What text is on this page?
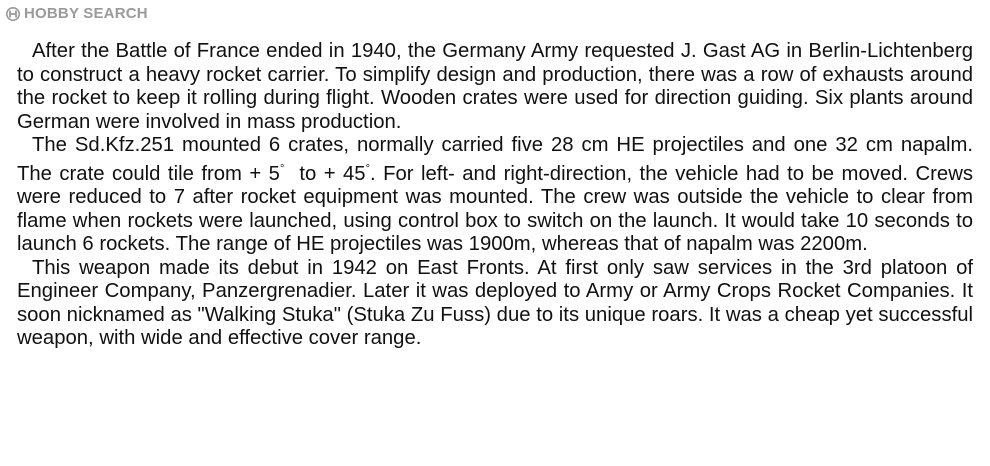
HOBBY SEARCH

After the Battle of France ended in 1940, the Germany Army requested J. Gast AG in Berlin-Lichtenberg to construct a heavy rocket carrier. To simplify design and production, there was a row of exhausts around the rocket to keep it rolling during flight. Wooden crates were used for direction guiding. Six plants around German were involved in mass production.

The Sd.Kfz.251 mounted 6 crates, normally carried five 28 cm HE projectiles and one 32 cm napalm. The crate could tile from + 5° to + 45°. For left- and right-direction, the vehicle had to be moved. Crews were reduced to 7 after rocket equipment was mounted. The crew was outside the vehicle to clear from flame when rockets were launched, using control box to switch on the launch. It would take 10 seconds to launch 6 rockets. The range of HE projectiles was 1900m, whereas that of napalm was 2200m.

This weapon made its debut in 1942 on East Fronts. At first only saw services in the 3rd platoon of Engineer Company, Panzergrenadier. Later it was deployed to Army or Army Crops Rocket Companies. It soon nicknamed as "Walking Stuka" (Stuka Zu Fuss) due to its unique roars. It was a cheap yet successful weapon, with wide and effective cover range.
